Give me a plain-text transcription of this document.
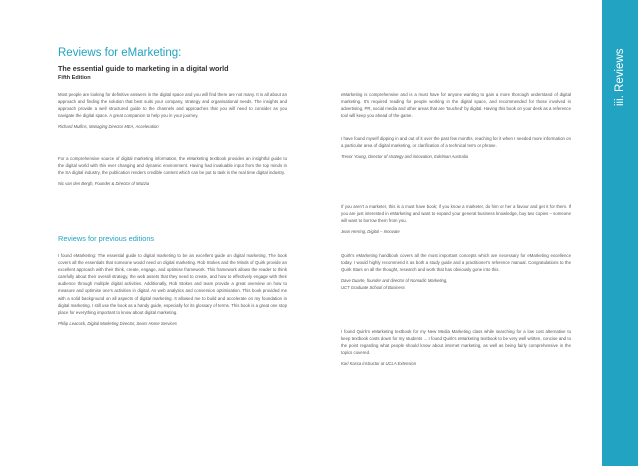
iii. Reviews
Reviews for eMarketing:
The essential guide to marketing in a digital world
Fifth Edition

Most people are looking for definitive answers in the digital space and you will find there are not many. It is all about an approach and finding the solution that best suits your company, strategy and organisational needs. The insights and approach provide a well structured guide to the channels and approaches that you will need to consider as you navigate the digital space. A great companion to help you in your journey.

Richard Mullins, Managing Director MEA, Acceleration

For a comprehensive source of digital marketing information, the eMarketing textbook provides an insightful guide to the digital world with this ever changing and dynamic environment. Having had invaluable input from the top minds in the SA digital industry, the publication renders credible content which can be put to task in the real time digital industry.

Nic van den Bergh, Founder & Director of Mazzia

Reviews for previous editions

I found eMarketing: The essential guide to digital marketing to be an excellent guide on digital marketing. The book covers all the essentials that someone would need on digital marketing. Rob Stokes and the Minds of Quirk provide an excellent approach with their think, create, engage, and optimise framework. This framework allows the reader to think carefully about their overall strategy, the web assets that they need to create, and how to effectively engage with their audience through multiple digital activities. Additionally, Rob Stokes and team provide a great overview on how to measure and optimise one's activities in digital. As web analytics and conversion optimisation. This book provided me with a solid background on all aspects of digital marketing. It allowed me to build and accelerate on my foundation in digital marketing. I still use the book as a handy guide, especially for its glossary of terms. This book is a great one stop place for everything important to know about digital marketing.

Philip Leacock, Digital Marketing Director, Sears Home Services

eMarketing is comprehensive and is a must have for anyone wanting to gain a more thorough understand of digital marketing. It's required reading for people working in the digital space, and recommended for those involved in advertising, PR, social media and other areas that are 'touched' by digital. Having this book on your desk as a reference tool will keep you ahead of the game.

I have found myself dipping in and out of it over the past few months, reaching for it when I needed more information on a particular area of digital marketing, or clarification of a technical term or phrase.

Trevor Young, Director of strategy and innovation, Edelman Australia

If you aren't a marketer, this is a must have book; if you know a marketer, do him or her a favour and get it for them. If you are just interested in eMarketing and want to expand your general business knowledge, buy two copies – someone will want to borrow them from you.

Jean Herring, Digital – Innovate

Quirk's eMarketing handbook covers all the most important concepts which are necessary for eMarketing excellence today. I would highly recommend it as both a study guide and a practitioner's reference manual. Congratulations to the Quirk Stars on all the thought, research and work that has obviously gone into this.

Dave Duarte, founder and director of Nomadic Marketing,

UCT Graduate School of Business

I found Quirk's eMarketing textbook for my New Media Marketing class while searching for a low cost alternative to keep textbook costs down for my students ... I found Quirk's eMarketing textbook to be very well written, concise and to the point regarding what people should know about internet marketing, as well as being fairly comprehensive in the topics covered.

Karl Kasca instructor at UCLA Extension
